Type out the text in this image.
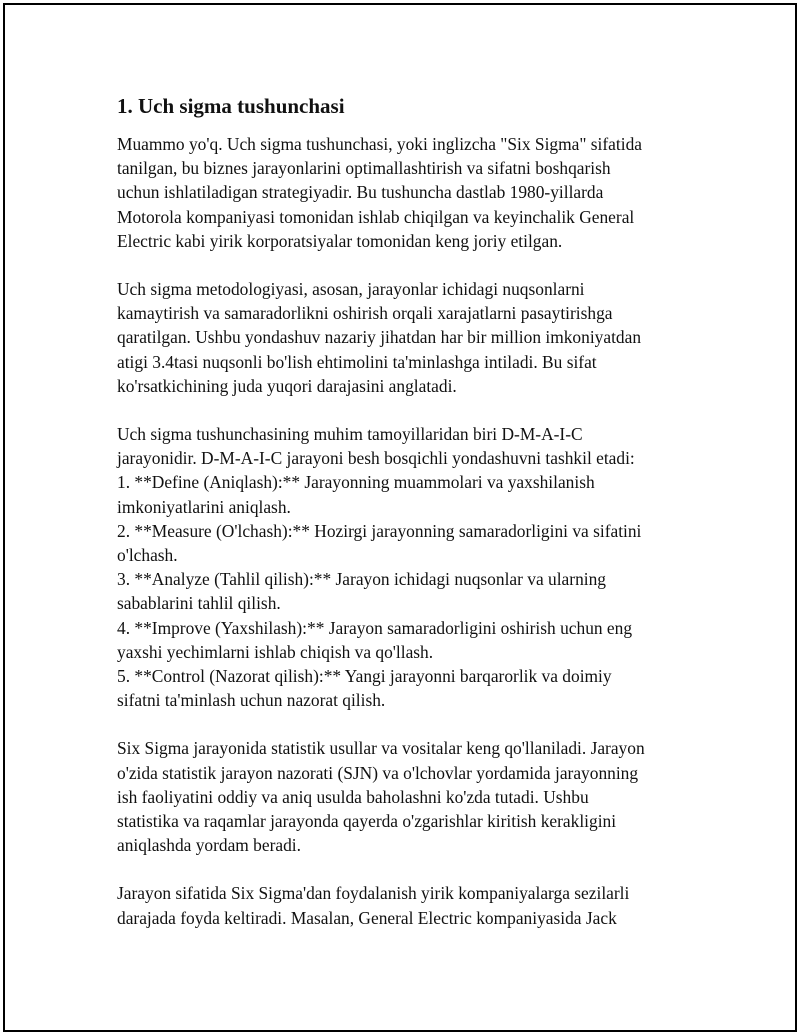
1. Uch sigma tushunchasi

Muammo yo'q. Uch sigma tushunchasi, yoki inglizcha "Six Sigma" sifatida
tanilgan, bu biznes jarayonlarini optimallashtirish va sifatni boshqarish
uchun ishlatiladigan strategiyadir. Bu tushuncha dastlab 1980-yillarda
Motorola kompaniyasi tomonidan ishlab chiqilgan va keyinchalik General
Electric kabi yirik korporatsiyalar tomonidan keng joriy etilgan.

Uch sigma metodologiyasi, asosan, jarayonlar ichidagi nuqsonlarni
kamaytirish va samaradorlikni oshirish orqali xarajatlarni pasaytirishga
qaratilgan. Ushbu yondashuv nazariy jihatdan har bir million imkoniyatdan
atigi 3.4tasi nuqsonli bo'lish ehtimolini ta'minlashga intiladi. Bu sifat
ko'rsatkichining juda yuqori darajasini anglatadi.

Uch sigma tushunchasining muhim tamoyillaridan biri D-M-A-I-C
jarayonidir. D-M-A-I-C jarayoni besh bosqichli yondashuvni tashkil etadi:
1. **Define (Aniqlash):** Jarayonning muammolari va yaxshilanish
imkoniyatlarini aniqlash.
2. **Measure (O'lchash):** Hozirgi jarayonning samaradorligini va sifatini
o'lchash.
3. **Analyze (Tahlil qilish):** Jarayon ichidagi nuqsonlar va ularning
sabablarini tahlil qilish.
4. **Improve (Yaxshilash):** Jarayon samaradorligini oshirish uchun eng
yaxshi yechimlarni ishlab chiqish va qo'llash.
5. **Control (Nazorat qilish):** Yangi jarayonni barqarorlik va doimiy
sifatni ta'minlash uchun nazorat qilish.

Six Sigma jarayonida statistik usullar va vositalar keng qo'llaniladi. Jarayon
o'zida statistik jarayon nazorati (SJN) va o'lchovlar yordamida jarayonning
ish faoliyatini oddiy va aniq usulda baholashni ko'zda tutadi. Ushbu
statistika va raqamlar jarayonda qayerda o'zgarishlar kiritish kerakligini
aniqlashda yordam beradi.

Jarayon sifatida Six Sigma'dan foydalanish yirik kompaniyalarga sezilarli
darajada foyda keltiradi. Masalan, General Electric kompaniyasida Jack
